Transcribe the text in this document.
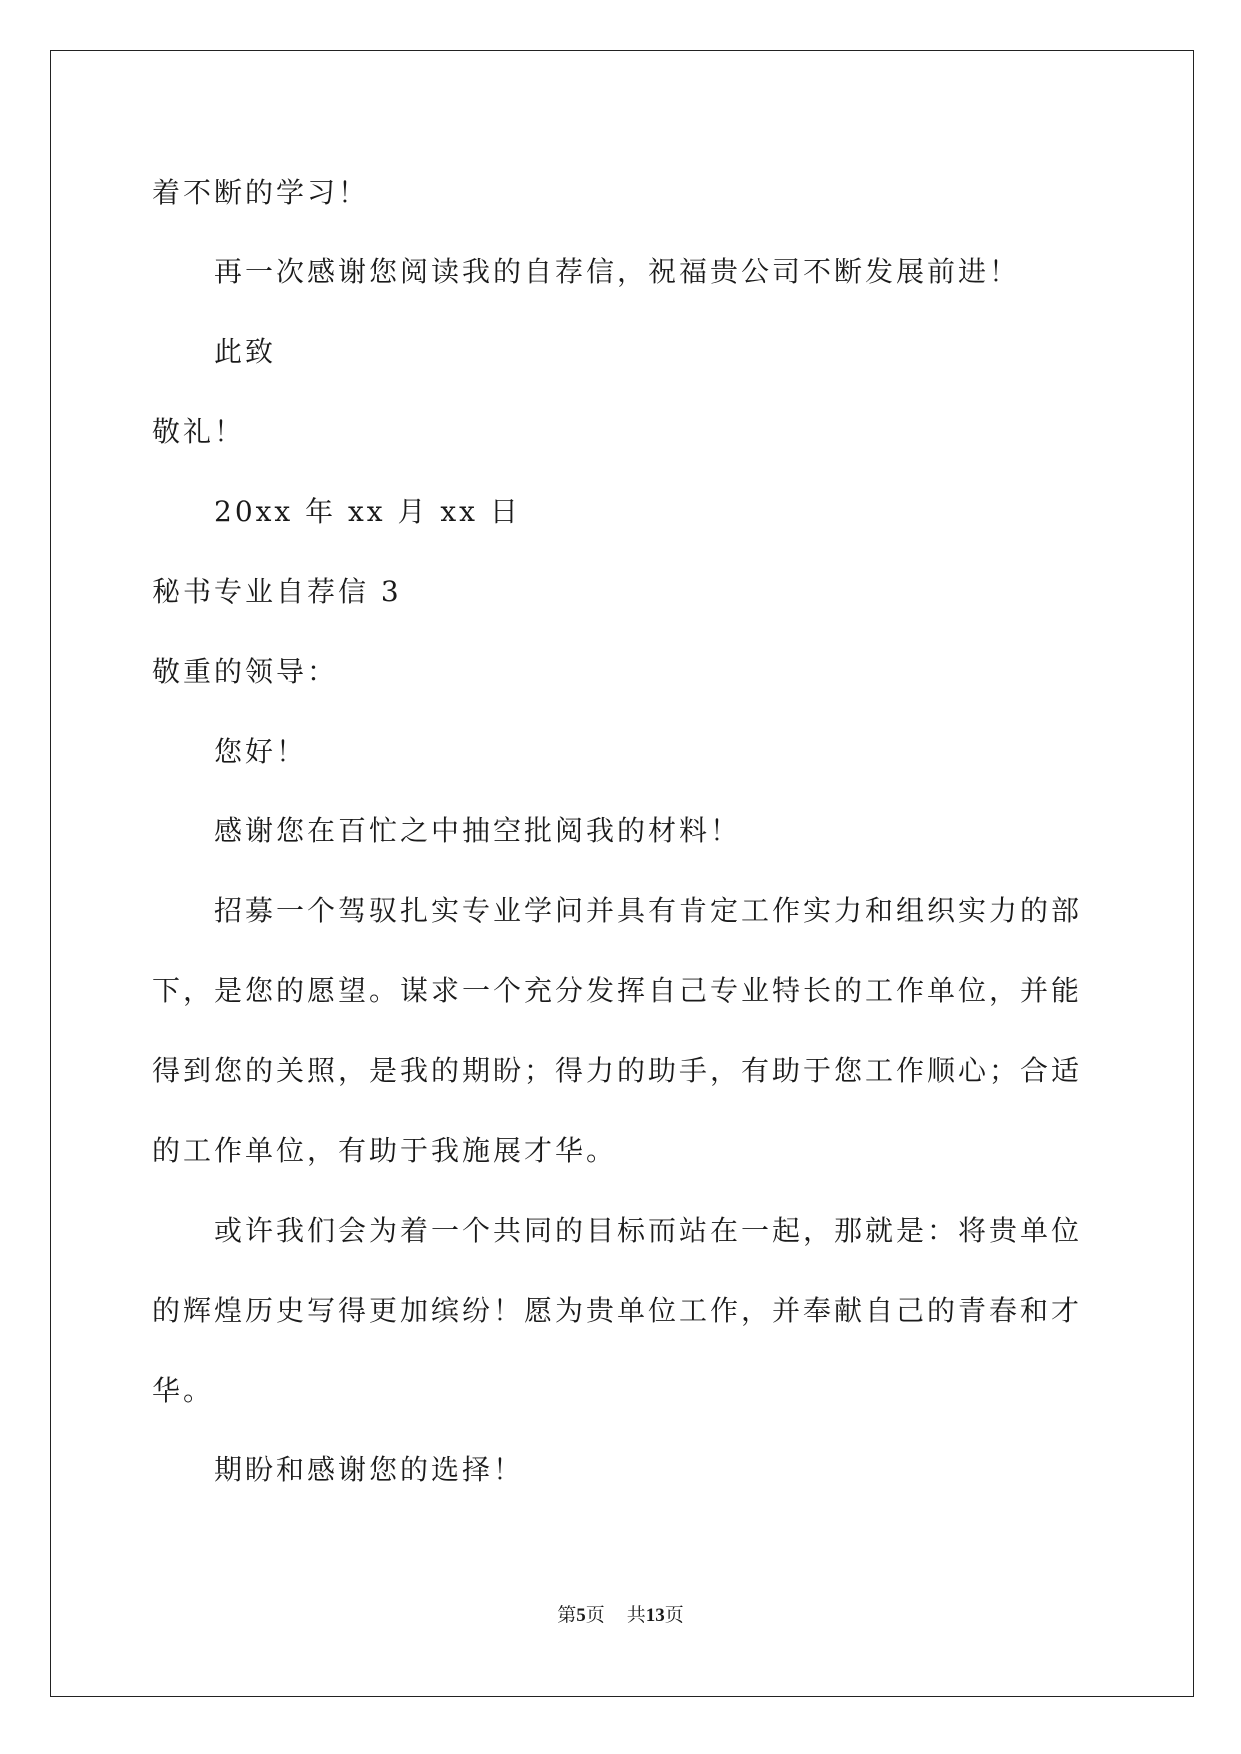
着不断的学习！
再一次感谢您阅读我的自荐信，祝福贵公司不断发展前进！
此致
敬礼！
20xx 年 xx 月 xx 日
秘书专业自荐信 3
敬重的领导：
您好！
感谢您在百忙之中抽空批阅我的材料！
招募一个驾驭扎实专业学问并具有肯定工作实力和组织实力的部
下，是您的愿望。谋求一个充分发挥自己专业特长的工作单位，并能
得到您的关照，是我的期盼；得力的助手，有助于您工作顺心；合适
的工作单位，有助于我施展才华。
或许我们会为着一个共同的目标而站在一起，那就是：将贵单位
的辉煌历史写得更加缤纷！愿为贵单位工作，并奉献自己的青春和才
华。
期盼和感谢您的选择！
第5页 共13页
